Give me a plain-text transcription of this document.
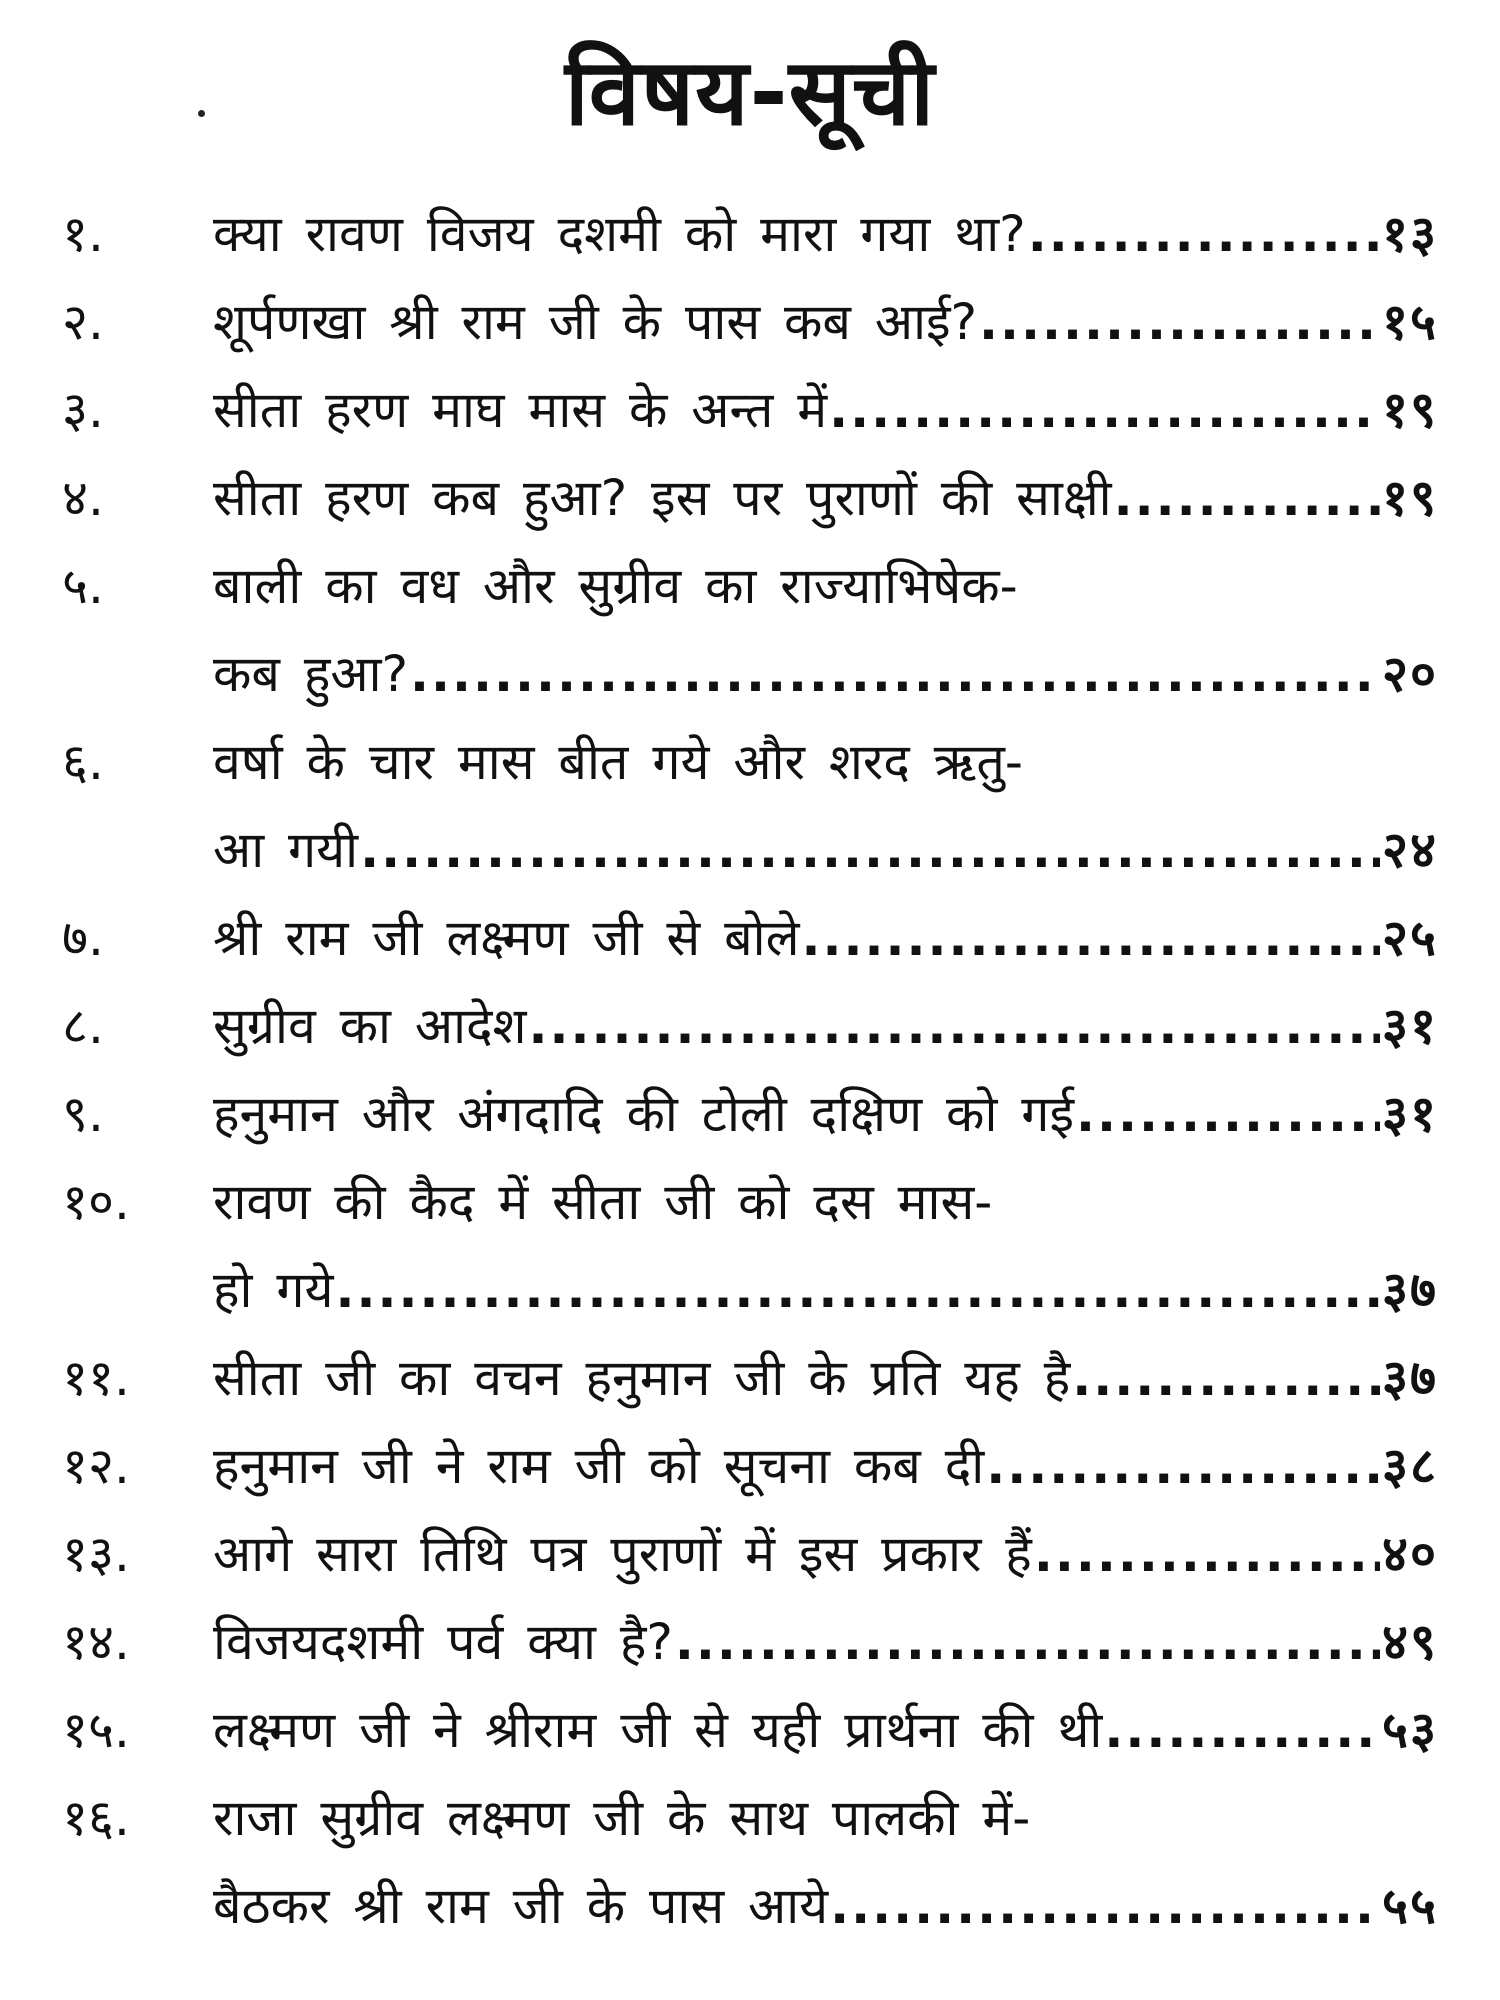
विषय-सूची
१.	क्या रावण विजय दशमी को मारा गया था? .....	१३
२.	शूर्पणखा श्री राम जी के पास कब आई? .....	१५
३.	सीता हरण माघ मास के अन्त में .....	१९
४.	सीता हरण कब हुआ? इस पर पुराणों की साक्षी .....	१९
५.	बाली का वध और सुग्रीव का राज्याभिषेक-
कब हुआ? .....	२०
६.	वर्षा के चार मास बीत गये और शरद ऋतु-
आ गयी .....	२४
७.	श्री राम जी लक्ष्मण जी से बोले .....	२५
८.	सुग्रीव का आदेश .....	३१
९.	हनुमान और अंगदादि की टोली दक्षिण को गई .....	३१
१०.	रावण की कैद में सीता जी को दस मास-
हो गये .....	३७
११.	सीता जी का वचन हनुमान जी के प्रति यह है .....	३७
१२.	हनुमान जी ने राम जी को सूचना कब दी .....	३८
१३.	आगे सारा तिथि पत्र पुराणों में इस प्रकार हैं .....	४०
१४.	विजयदशमी पर्व क्या है? .....	४९
१५.	लक्ष्मण जी ने श्रीराम जी से यही प्रार्थना की थी .....	५३
१६.	राजा सुग्रीव लक्ष्मण जी के साथ पालकी में-
बैठकर श्री राम जी के पास आये .....	५५
